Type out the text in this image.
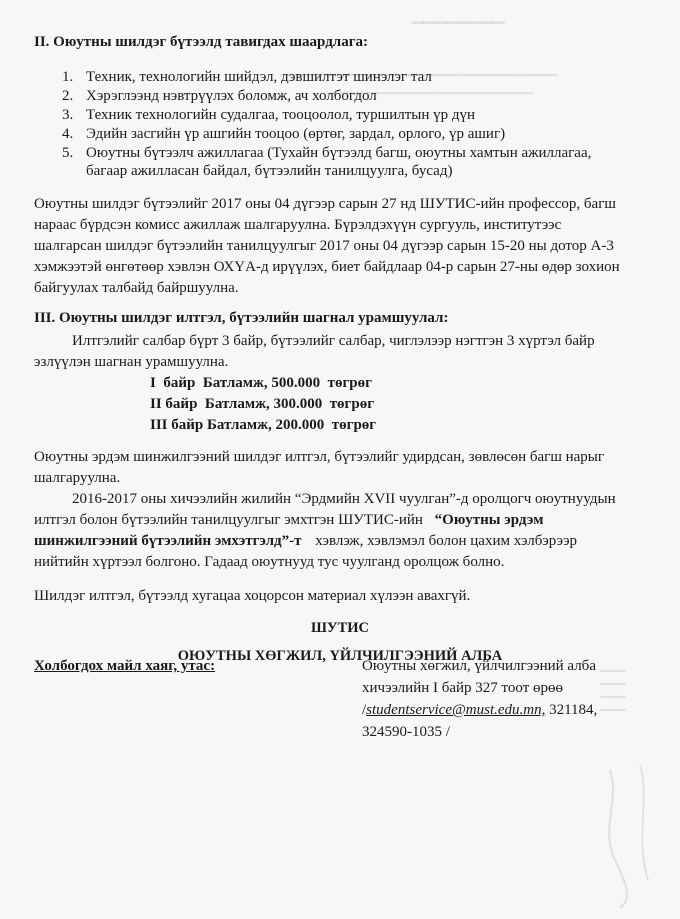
▁▁▁▁▁▁▁▁
▁▁▁▁▁▁▁▁▁▁▁▁▁▁▁▁▁▁▁▁▁▁▁▁▁▁▁▁▁▁
▁▁▁▁▁▁▁▁▁▁▁▁▁▁▁▁▁▁▁▁▁▁
II. Оюутны шилдэг бүтээлд тавигдах шаардлага:
1. Техник, технологийн шийдэл, дэвшилтэт шинэлэг тал
2. Хэрэглээнд нэвтрүүлэх боломж, ач холбогдол
3. Техник технологийн судалгаа, тооцоолол, туршилтын үр дүн
4. Эдийн засгийн үр ашгийн тооцоо (өртөг, зардал, орлого, үр ашиг)
5. Оюутны бүтээлч ажиллагаа (Тухайн бүтээлд багш, оюутны хамтын ажиллагаа,
багаар ажилласан байдал, бүтээлийн танилцуулга, бусад)
Оюутны шилдэг бүтээлийг 2017 оны 04 дүгээр сарын 27 нд ШУТИС-ийн профессор, багш
нараас бүрдсэн комисс ажиллаж шалгаруулна. Бүрэлдэхүүн сургууль, институтээс
шалгарсан шилдэг бүтээлийн танилцуулгыг 2017 оны 04 дүгээр сарын 15-20 ны дотор А-3
хэмжээтэй өнгөтөөр хэвлэн ОХҮА-д ирүүлэх, биет байдлаар 04-р сарын 27-ны өдөр зохион
байгуулах талбайд байршуулна.
III. Оюутны шилдэг илтгэл, бүтээлийн шагнал урамшуулал:
Илтгэлийг салбар бүрт 3 байр, бүтээлийг салбар, чиглэлээр нэгтгэн 3 хүртэл байр
эзлүүлэн шагнан урамшуулна.
I  байр  Батламж, 500.000  төгрөг
II байр  Батламж, 300.000  төгрөг
III байр Батламж, 200.000  төгрөг
Оюутны эрдэм шинжилгээний шилдэг илтгэл, бүтээлийг удирдсан, зөвлөсөн багш нарыг
шалгаруулна.
2016-2017 оны хичээлийн жилийн “Эрдмийн XVII чуулган”-д оролцогч оюутнуудын
илтгэл болон бүтээлийн танилцуулгыг эмхтгэн ШУТИС-ийн “Оюутны эрдэм
шинжилгээний бүтээлийн эмхэтгэлд”-т хэвлэж, хэвлэмэл болон цахим хэлбэрээр
нийтийн хүртээл болгоно. Гадаад оюутнууд тус чуулганд оролцож болно.
Шилдэг илтгэл, бүтээлд хугацаа хоцорсон материал хүлээн авахгүй.
ШУТИС
ОЮУТНЫ ХӨГЖИЛ, ҮЙЛЧИЛГЭЭНИЙ АЛБА
Холбогдох майл хаяг, утас:	Оюутны хөгжил, үйлчилгээний алба
хичээлийн I байр 327 тоот өрөө
/studentservice@must.edu.mn, 321184,
324590-1035 /
▁▁▁
▁▁▁
▁▁▁
▁▁▁
